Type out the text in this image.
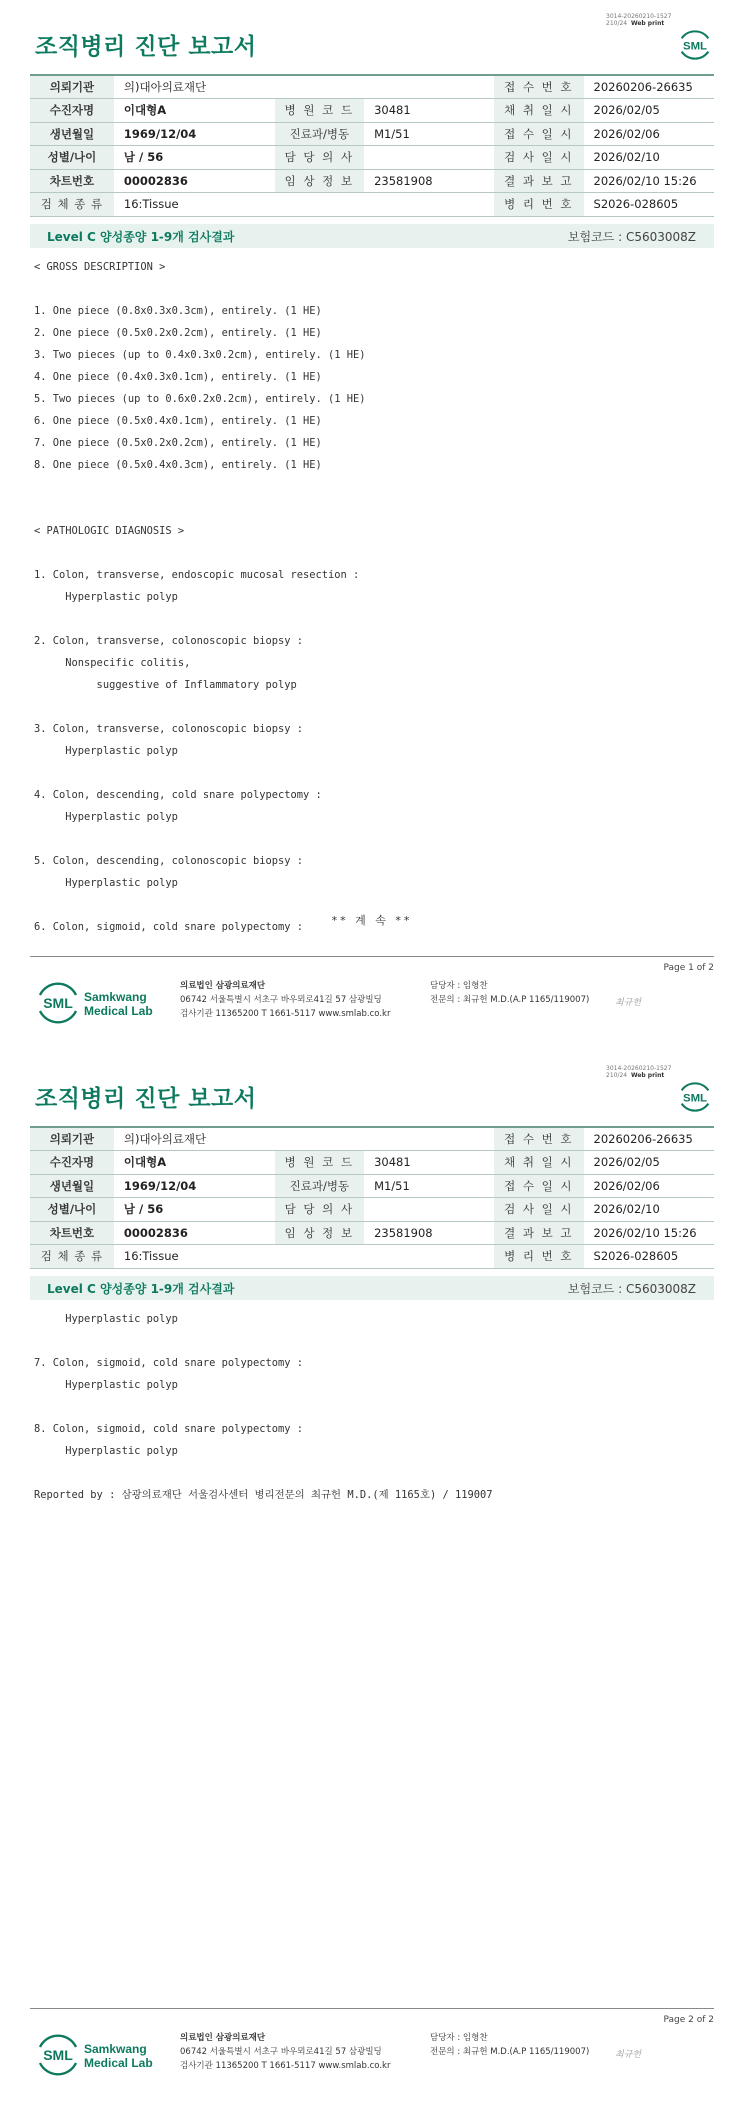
3014-20260210-1527
210/24 Web print
조직병리 진단 보고서	SML
의뢰기관	의)대아의료재단			접 수 번 호	20260206-26635
수진자명	이대형A	병 원 코 드	30481	채 취 일 시	2026/02/05
생년월일	1969/12/04	진료과/병동	M1/51	접 수 일 시	2026/02/06
성별/나이	남 / 56	담 당 의 사		검 사 일 시	2026/02/10
차트번호	00002836	임 상 정 보	23581908	결 과 보 고	2026/02/10 15:26
검 체 종 류	16:Tissue			병 리 번 호	S2026-028605
Level C 양성종양 1-9개 검사결과	보험코드 : C5603008Z
< GROSS DESCRIPTION >

1. One piece (0.8x0.3x0.3cm), entirely. (1 HE)
2. One piece (0.5x0.2x0.2cm), entirely. (1 HE)
3. Two pieces (up to 0.4x0.3x0.2cm), entirely. (1 HE)
4. One piece (0.4x0.3x0.1cm), entirely. (1 HE)
5. Two pieces (up to 0.6x0.2x0.2cm), entirely. (1 HE)
6. One piece (0.5x0.4x0.1cm), entirely. (1 HE)
7. One piece (0.5x0.2x0.2cm), entirely. (1 HE)
8. One piece (0.5x0.4x0.3cm), entirely. (1 HE)

< PATHOLOGIC DIAGNOSIS >

1. Colon, transverse, endoscopic mucosal resection :
Hyperplastic polyp

2. Colon, transverse, colonoscopic biopsy :
Nonspecific colitis,
suggestive of Inflammatory polyp

3. Colon, transverse, colonoscopic biopsy :
Hyperplastic polyp

4. Colon, descending, cold snare polypectomy :
Hyperplastic polyp

5. Colon, descending, colonoscopic biopsy :
Hyperplastic polyp

6. Colon, sigmoid, cold snare polypectomy :	** 계 속 **
Page 1 of 2
SML Samkwang
Medical Lab
의료법인 삼광의료재단
06742 서울특별시 서초구 바우뫼로41길 57 삼광빌딩
검사기관 11365200 T 1661-5117 www.smlab.co.kr
담당자 : 임형찬
전문의 : 최규헌 M.D.(A.P 1165/119007)	최규헌
3014-20260210-1527
210/24 Web print
조직병리 진단 보고서	SML
의뢰기관	의)대아의료재단			접 수 번 호	20260206-26635
수진자명	이대형A	병 원 코 드	30481	채 취 일 시	2026/02/05
생년월일	1969/12/04	진료과/병동	M1/51	접 수 일 시	2026/02/06
성별/나이	남 / 56	담 당 의 사		검 사 일 시	2026/02/10
차트번호	00002836	임 상 정 보	23581908	결 과 보 고	2026/02/10 15:26
검 체 종 류	16:Tissue			병 리 번 호	S2026-028605
Level C 양성종양 1-9개 검사결과	보험코드 : C5603008Z
Hyperplastic polyp

7. Colon, sigmoid, cold snare polypectomy :
Hyperplastic polyp

8. Colon, sigmoid, cold snare polypectomy :
Hyperplastic polyp

Reported by : 삼광의료재단 서울검사센터 병리전문의 최규헌 M.D.(제 1165호) / 119007
Page 2 of 2
SML Samkwang
Medical Lab
의료법인 삼광의료재단
06742 서울특별시 서초구 바우뫼로41길 57 삼광빌딩
검사기관 11365200 T 1661-5117 www.smlab.co.kr
담당자 : 임형찬
전문의 : 최규헌 M.D.(A.P 1165/119007)	최규헌
